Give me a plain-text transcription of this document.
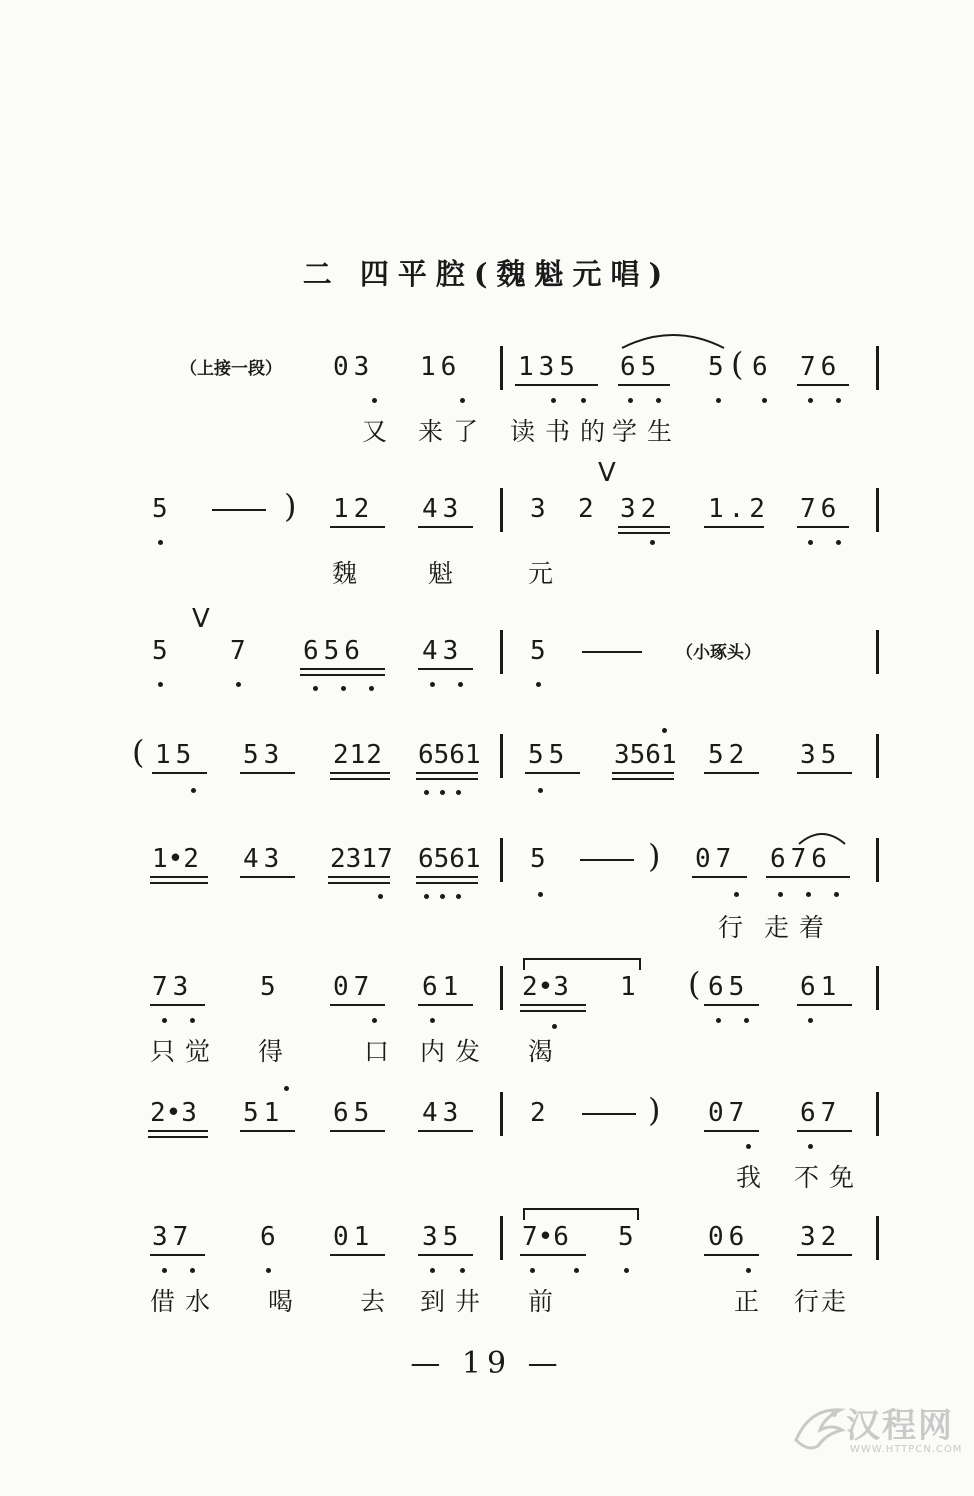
二 四平腔(魏魁元唱)
（上接一段） 03 16 135 65 5 ( 6 76
又 来了 读书的
学生
5	) 12 43	3 2 32 1.2 76
V
魏 魁	元
5 7 656 43	5	（小琢头）
V
( 15 53 212 6561 55 3561 52 35
1•2 43 2317 6561 5	) 07 676
行 走着
73	5 07 61 2•3 1 ( 65 61
只觉 得	口 内发 渴
2•3 51 65 43	2	) 07 67
我 不免
37	6 01 35 7•6 5	06 32
借水 喝 去 到井 前	正 行走
— 19 —
汉程网
WWW.HTTPCN.COM
